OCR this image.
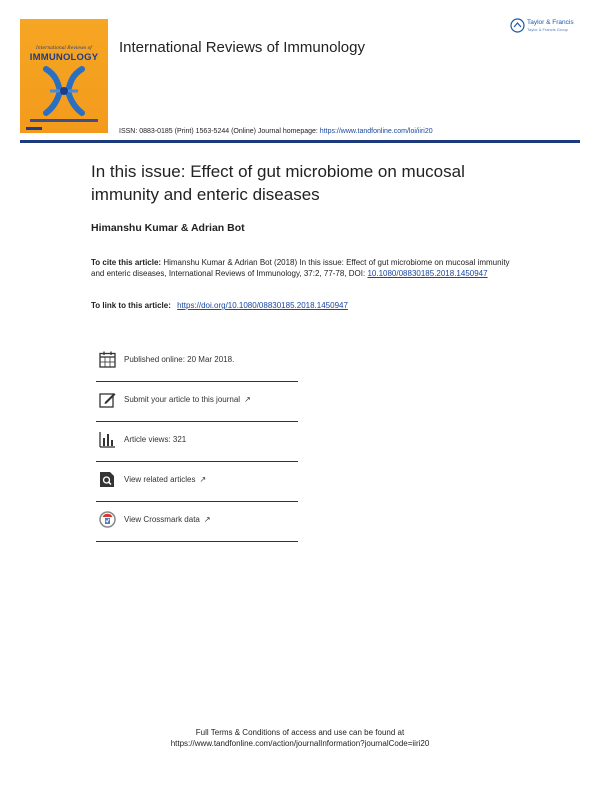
International Reviews of
IMMUNOLOGY
International Reviews of Immunology
Taylor & Francis
Taylor & Francis Group
ISSN: 0883-0185 (Print) 1563-5244 (Online) Journal homepage: https://www.tandfonline.com/loi/iiri20
In this issue: Effect of gut microbiome on mucosal immunity and enteric diseases
Himanshu Kumar & Adrian Bot
To cite this article: Himanshu Kumar & Adrian Bot (2018) In this issue: Effect of gut microbiome on mucosal immunity and enteric diseases, International Reviews of Immunology, 37:2, 77-78, DOI: 10.1080/08830185.2018.1450947
To link to this article: https://doi.org/10.1080/08830185.2018.1450947
Published online: 20 Mar 2018.
Submit your article to this journal ↗
Article views: 321
View related articles ↗
View Crossmark data ↗
Full Terms & Conditions of access and use can be found at
https://www.tandfonline.com/action/journalInformation?journalCode=iiri20
